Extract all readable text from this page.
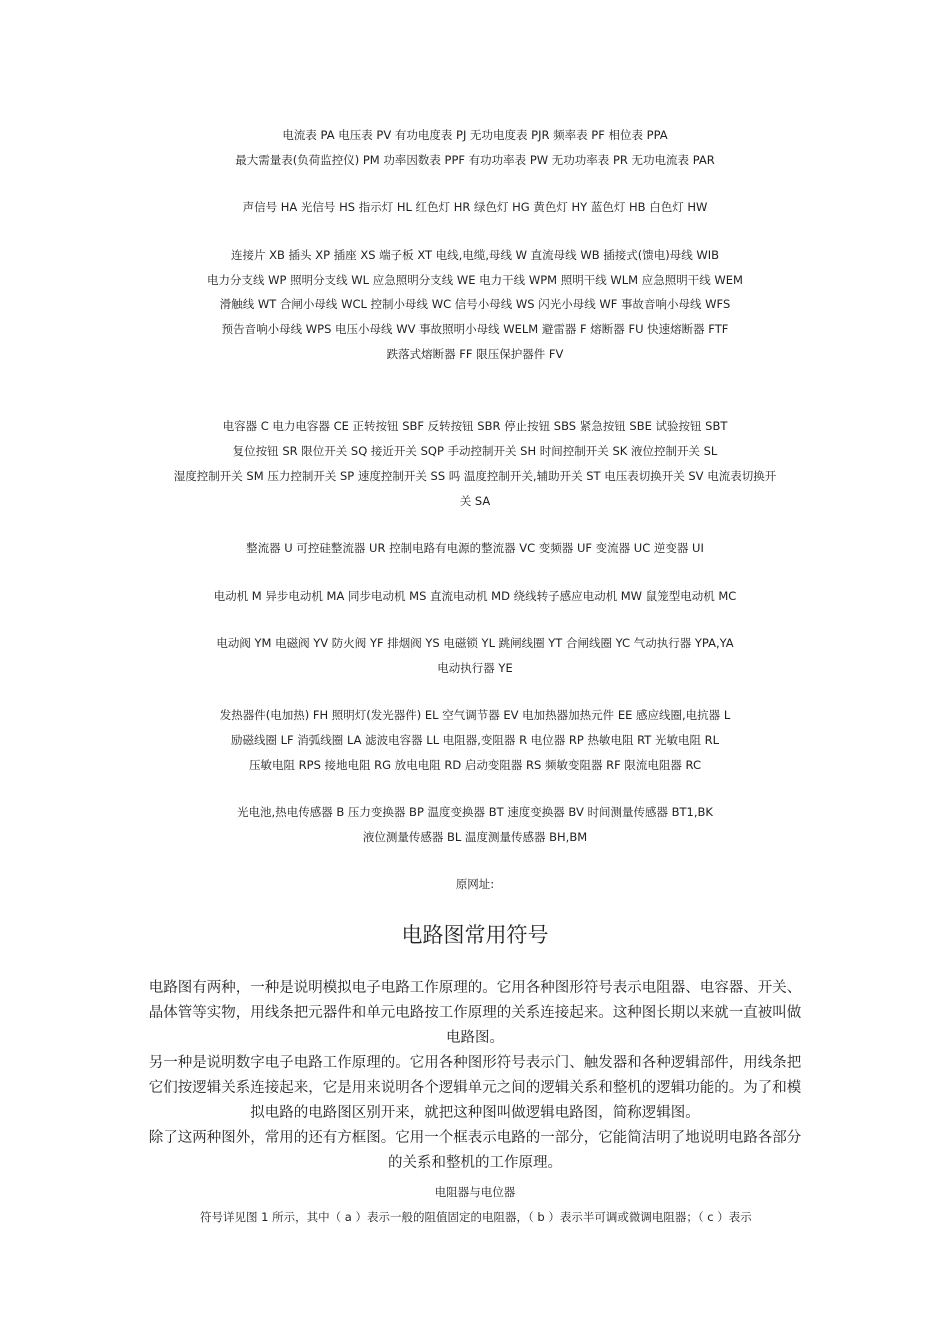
电流表 PA 电压表 PV 有功电度表 PJ 无功电度表 PJR 频率表 PF 相位表 PPA
最大需量表(负荷监控仪) PM 功率因数表 PPF 有功功率表 PW 无功功率表 PR 无功电流表 PAR
声信号 HA 光信号 HS 指示灯 HL 红色灯 HR 绿色灯 HG 黄色灯 HY 蓝色灯 HB 白色灯 HW
连接片 XB 插头 XP 插座 XS 端子板 XT 电线,电缆,母线 W 直流母线 WB 插接式(馈电)母线 WIB
电力分支线 WP 照明分支线 WL 应急照明分支线 WE 电力干线 WPM 照明干线 WLM 应急照明干线 WEM
滑触线 WT 合闸小母线 WCL 控制小母线 WC 信号小母线 WS 闪光小母线 WF 事故音响小母线 WFS
预告音响小母线 WPS 电压小母线 WV 事故照明小母线 WELM 避雷器 F 熔断器 FU 快速熔断器 FTF
跌落式熔断器 FF 限压保护器件 FV
电容器 C 电力电容器 CE 正转按钮 SBF 反转按钮 SBR 停止按钮 SBS 紧急按钮 SBE 试验按钮 SBT
复位按钮 SR 限位开关 SQ 接近开关 SQP 手动控制开关 SH 时间控制开关 SK 液位控制开关 SL
湿度控制开关 SM 压力控制开关 SP 速度控制开关 SS 吗 温度控制开关,辅助开关 ST 电压表切换开关 SV 电流表切换开
关 SA
整流器 U 可控硅整流器 UR 控制电路有电源的整流器 VC 变频器 UF 变流器 UC 逆变器 UI
电动机 M 异步电动机 MA 同步电动机 MS 直流电动机 MD 绕线转子感应电动机 MW 鼠笼型电动机 MC
电动阀 YM 电磁阀 YV 防火阀 YF 排烟阀 YS 电磁锁 YL 跳闸线圈 YT 合闸线圈 YC 气动执行器 YPA,YA
电动执行器 YE
发热器件(电加热) FH 照明灯(发光器件) EL 空气调节器 EV 电加热器加热元件 EE 感应线圈,电抗器 L
励磁线圈 LF 消弧线圈 LA 滤波电容器 LL 电阻器,变阻器 R 电位器 RP 热敏电阻 RT 光敏电阻 RL
压敏电阻 RPS 接地电阻 RG 放电电阻 RD 启动变阻器 RS 频敏变阻器 RF 限流电阻器 RC
光电池,热电传感器 B 压力变换器 BP 温度变换器 BT 速度变换器 BV 时间测量传感器 BT1,BK
液位测量传感器 BL 温度测量传感器 BH,BM
原网址:
电路图常用符号
电路图有两种，一种是说明模拟电子电路工作原理的。它用各种图形符号表示电阻器、电容器、开关、晶体管等实物，用线条把元器件和单元电路按工作原理的关系连接起来。这种图长期以来就一直被叫做电路图。
另一种是说明数字电子电路工作原理的。它用各种图形符号表示门、触发器和各种逻辑部件，用线条把它们按逻辑关系连接起来，它是用来说明各个逻辑单元之间的逻辑关系和整机的逻辑功能的。为了和模拟电路的电路图区别开来，就把这种图叫做逻辑电路图，简称逻辑图。
除了这两种图外，常用的还有方框图。它用一个框表示电路的一部分，它能简洁明了地说明电路各部分的关系和整机的工作原理。
电阻器与电位器
符号详见图 1 所示，其中（ a ）表示一般的阻值固定的电阻器，（ b ）表示半可调或微调电阻器；（ c ）表示
